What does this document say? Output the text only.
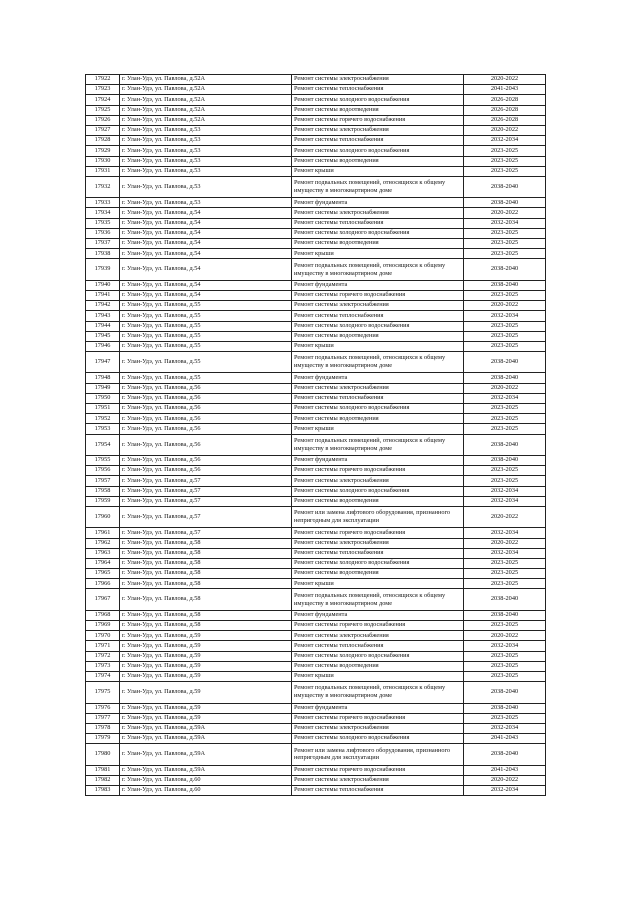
17922	г. Улан-Удэ, ул. Павлова, д.52А	Ремонт системы электроснабжения	2020-2022
17923	г. Улан-Удэ, ул. Павлова, д.52А	Ремонт системы теплоснабжения	2041-2043
17924	г. Улан-Удэ, ул. Павлова, д.52А	Ремонт системы холодного водоснабжения	2026-2028
17925	г. Улан-Удэ, ул. Павлова, д.52А	Ремонт системы водоотведения	2026-2028
17926	г. Улан-Удэ, ул. Павлова, д.52А	Ремонт системы горячего водоснабжения	2026-2028
17927	г. Улан-Удэ, ул. Павлова, д.53	Ремонт системы электроснабжения	2020-2022
17928	г. Улан-Удэ, ул. Павлова, д.53	Ремонт системы теплоснабжения	2032-2034
17929	г. Улан-Удэ, ул. Павлова, д.53	Ремонт системы холодного водоснабжения	2023-2025
17930	г. Улан-Удэ, ул. Павлова, д.53	Ремонт системы водоотведения	2023-2025
17931	г. Улан-Удэ, ул. Павлова, д.53	Ремонт крыши	2023-2025
17932	г. Улан-Удэ, ул. Павлова, д.53	Ремонт подвальных помещений, относящихся к общему имуществу в многоквартирном доме	2038-2040
17933	г. Улан-Удэ, ул. Павлова, д.53	Ремонт фундамента	2038-2040
17934	г. Улан-Удэ, ул. Павлова, д.54	Ремонт системы электроснабжения	2020-2022
17935	г. Улан-Удэ, ул. Павлова, д.54	Ремонт системы теплоснабжения	2032-2034
17936	г. Улан-Удэ, ул. Павлова, д.54	Ремонт системы холодного водоснабжения	2023-2025
17937	г. Улан-Удэ, ул. Павлова, д.54	Ремонт системы водоотведения	2023-2025
17938	г. Улан-Удэ, ул. Павлова, д.54	Ремонт крыши	2023-2025
17939	г. Улан-Удэ, ул. Павлова, д.54	Ремонт подвальных помещений, относящихся к общему имуществу в многоквартирном доме	2038-2040
17940	г. Улан-Удэ, ул. Павлова, д.54	Ремонт фундамента	2038-2040
17941	г. Улан-Удэ, ул. Павлова, д.54	Ремонт системы горячего водоснабжения	2023-2025
17942	г. Улан-Удэ, ул. Павлова, д.55	Ремонт системы электроснабжения	2020-2022
17943	г. Улан-Удэ, ул. Павлова, д.55	Ремонт системы теплоснабжения	2032-2034
17944	г. Улан-Удэ, ул. Павлова, д.55	Ремонт системы холодного водоснабжения	2023-2025
17945	г. Улан-Удэ, ул. Павлова, д.55	Ремонт системы водоотведения	2023-2025
17946	г. Улан-Удэ, ул. Павлова, д.55	Ремонт крыши	2023-2025
17947	г. Улан-Удэ, ул. Павлова, д.55	Ремонт подвальных помещений, относящихся к общему имуществу в многоквартирном доме	2038-2040
17948	г. Улан-Удэ, ул. Павлова, д.55	Ремонт фундамента	2038-2040
17949	г. Улан-Удэ, ул. Павлова, д.56	Ремонт системы электроснабжения	2020-2022
17950	г. Улан-Удэ, ул. Павлова, д.56	Ремонт системы теплоснабжения	2032-2034
17951	г. Улан-Удэ, ул. Павлова, д.56	Ремонт системы холодного водоснабжения	2023-2025
17952	г. Улан-Удэ, ул. Павлова, д.56	Ремонт системы водоотведения	2023-2025
17953	г. Улан-Удэ, ул. Павлова, д.56	Ремонт крыши	2023-2025
17954	г. Улан-Удэ, ул. Павлова, д.56	Ремонт подвальных помещений, относящихся к общему имуществу в многоквартирном доме	2038-2040
17955	г. Улан-Удэ, ул. Павлова, д.56	Ремонт фундамента	2038-2040
17956	г. Улан-Удэ, ул. Павлова, д.56	Ремонт системы горячего водоснабжения	2023-2025
17957	г. Улан-Удэ, ул. Павлова, д.57	Ремонт системы электроснабжения	2023-2025
17958	г. Улан-Удэ, ул. Павлова, д.57	Ремонт системы холодного водоснабжения	2032-2034
17959	г. Улан-Удэ, ул. Павлова, д.57	Ремонт системы водоотведения	2032-2034
17960	г. Улан-Удэ, ул. Павлова, д.57	Ремонт или замена лифтового оборудования, признанного непригодным для эксплуатации	2020-2022
17961	г. Улан-Удэ, ул. Павлова, д.57	Ремонт системы горячего водоснабжения	2032-2034
17962	г. Улан-Удэ, ул. Павлова, д.58	Ремонт системы электроснабжения	2020-2022
17963	г. Улан-Удэ, ул. Павлова, д.58	Ремонт системы теплоснабжения	2032-2034
17964	г. Улан-Удэ, ул. Павлова, д.58	Ремонт системы холодного водоснабжения	2023-2025
17965	г. Улан-Удэ, ул. Павлова, д.58	Ремонт системы водоотведения	2023-2025
17966	г. Улан-Удэ, ул. Павлова, д.58	Ремонт крыши	2023-2025
17967	г. Улан-Удэ, ул. Павлова, д.58	Ремонт подвальных помещений, относящихся к общему имуществу в многоквартирном доме	2038-2040
17968	г. Улан-Удэ, ул. Павлова, д.58	Ремонт фундамента	2038-2040
17969	г. Улан-Удэ, ул. Павлова, д.58	Ремонт системы горячего водоснабжения	2023-2025
17970	г. Улан-Удэ, ул. Павлова, д.59	Ремонт системы электроснабжения	2020-2022
17971	г. Улан-Удэ, ул. Павлова, д.59	Ремонт системы теплоснабжения	2032-2034
17972	г. Улан-Удэ, ул. Павлова, д.59	Ремонт системы холодного водоснабжения	2023-2025
17973	г. Улан-Удэ, ул. Павлова, д.59	Ремонт системы водоотведения	2023-2025
17974	г. Улан-Удэ, ул. Павлова, д.59	Ремонт крыши	2023-2025
17975	г. Улан-Удэ, ул. Павлова, д.59	Ремонт подвальных помещений, относящихся к общему имуществу в многоквартирном доме	2038-2040
17976	г. Улан-Удэ, ул. Павлова, д.59	Ремонт фундамента	2038-2040
17977	г. Улан-Удэ, ул. Павлова, д.59	Ремонт системы горячего водоснабжения	2023-2025
17978	г. Улан-Удэ, ул. Павлова, д.59А	Ремонт системы электроснабжения	2032-2034
17979	г. Улан-Удэ, ул. Павлова, д.59А	Ремонт системы холодного водоснабжения	2041-2043
17980	г. Улан-Удэ, ул. Павлова, д.59А	Ремонт или замена лифтового оборудования, признанного непригодным для эксплуатации	2038-2040
17981	г. Улан-Удэ, ул. Павлова, д.59А	Ремонт системы горячего водоснабжения	2041-2043
17982	г. Улан-Удэ, ул. Павлова, д.60	Ремонт системы электроснабжения	2020-2022
17983	г. Улан-Удэ, ул. Павлова, д.60	Ремонт системы теплоснабжения	2032-2034
